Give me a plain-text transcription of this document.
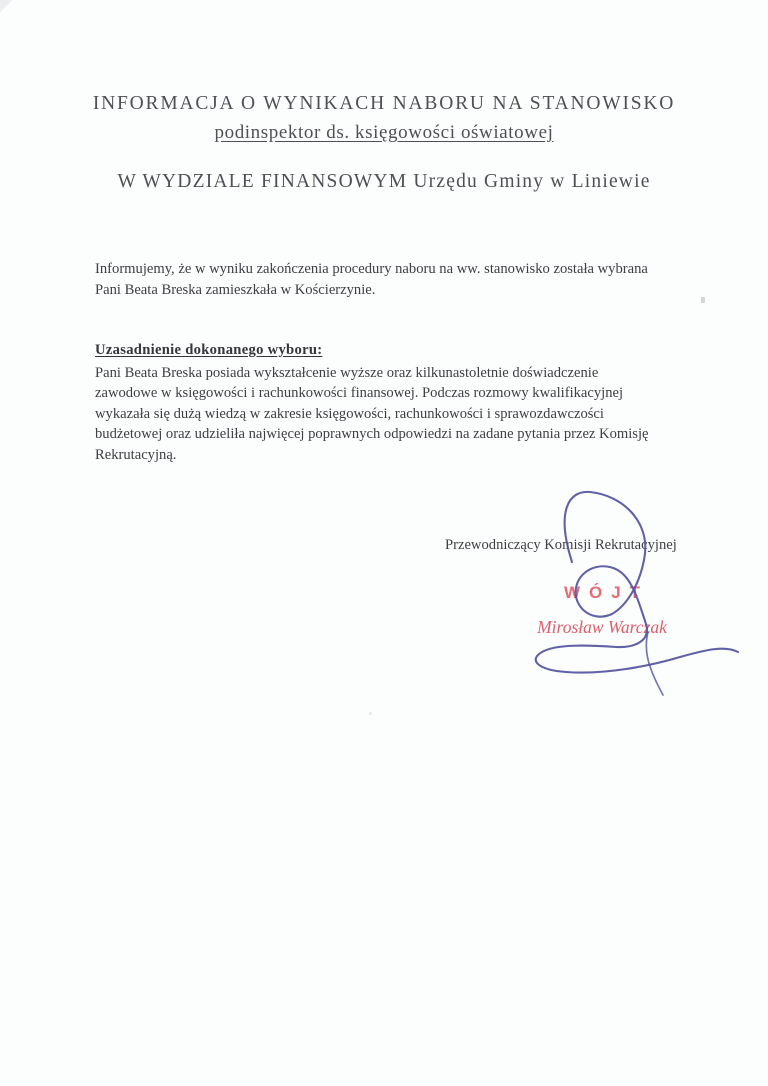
INFORMACJA O WYNIKACH NABORU NA STANOWISKO
podinspektor ds. księgowości oświatowej
W WYDZIALE FINANSOWYM Urzędu Gminy w Liniewie
Informujemy, że w wyniku zakończenia procedury naboru na ww. stanowisko została wybrana
Pani Beata Breska zamieszkała w Kościerzynie.
Uzasadnienie dokonanego wyboru:
Pani Beata Breska posiada wykształcenie wyższe oraz kilkunastoletnie doświadczenie
zawodowe w księgowości i rachunkowości finansowej. Podczas rozmowy kwalifikacyjnej
wykazała się dużą wiedzą w zakresie księgowości, rachunkowości i sprawozdawczości
budżetowej oraz udzieliła najwięcej poprawnych odpowiedzi na zadane pytania przez Komisję
Rekrutacyjną.
Przewodniczący Komisji Rekrutacyjnej
WÓJT
Mirosław Warczak
